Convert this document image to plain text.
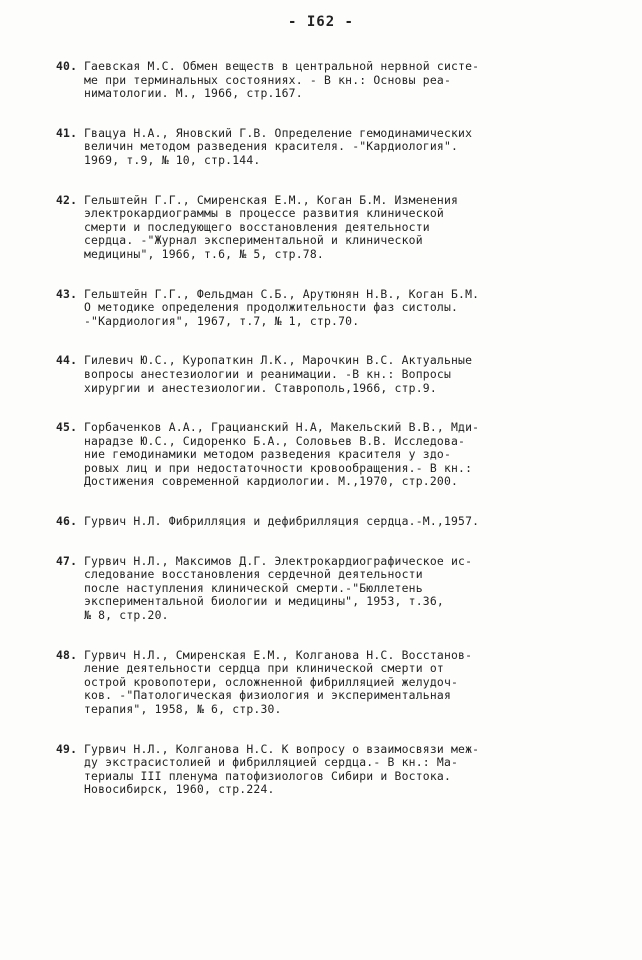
- I62 -
40. Гаевская М.С. Обмен веществ в центральной нервной систе-
ме при терминальных состояниях. - В кн.: Основы реа-
ниматологии. М., 1966, стр.167.
41. Гвацуа Н.А., Яновский Г.В. Определение гемодинамических
величин методом разведения красителя. -"Кардиология".
1969, т.9, № 10, стр.144.
42. Гельштейн Г.Г., Смиренская Е.М., Коган Б.М. Изменения
электрокардиограммы в процессе развития клинической
смерти и последующего восстановления деятельности
сердца. -"Журнал экспериментальной и клинической
медицины", 1966, т.6, № 5, стр.78.
43. Гельштейн Г.Г., Фельдман С.Б., Арутюнян Н.В., Коган Б.М.
О методике определения продолжительности фаз систолы.
-"Кардиология", 1967, т.7, № 1, стр.70.
44. Гилевич Ю.С., Куропаткин Л.К., Марочкин В.С. Актуальные
вопросы анестезиологии и реанимации. -В кн.: Вопросы
хирургии и анестезиологии. Ставрополь,1966, стр.9.
45. Горбаченков А.А., Грацианский Н.А, Макельский В.В., Мди-
нарадзе Ю.С., Сидоренко Б.А., Соловьев В.В. Исследова-
ние гемодинамики методом разведения красителя у здо-
ровых лиц и при недостаточности кровообращения.- В кн.:
Достижения современной кардиологии. М.,1970, стр.200.
46. Гурвич Н.Л. Фибрилляция и дефибрилляция сердца.-М.,1957.
47. Гурвич Н.Л., Максимов Д.Г. Электрокардиографическое ис-
следование восстановления сердечной деятельности
после наступления клинической смерти.-"Бюллетень
экспериментальной биологии и медицины", 1953, т.36,
№ 8, стр.20.
48. Гурвич Н.Л., Смиренская Е.М., Колганова Н.С. Восстанов-
ление деятельности сердца при клинической смерти от
острой кровопотери, осложненной фибрилляцией желудоч-
ков. -"Патологическая физиология и экспериментальная
терапия", 1958, № 6, стр.30.
49. Гурвич Н.Л., Колганова Н.С. К вопросу о взаимосвязи меж-
ду экстрасистолией и фибрилляцией сердца.- В кн.: Ма-
териалы III пленума патофизиологов Сибири и Востока.
Новосибирск, 1960, стр.224.
